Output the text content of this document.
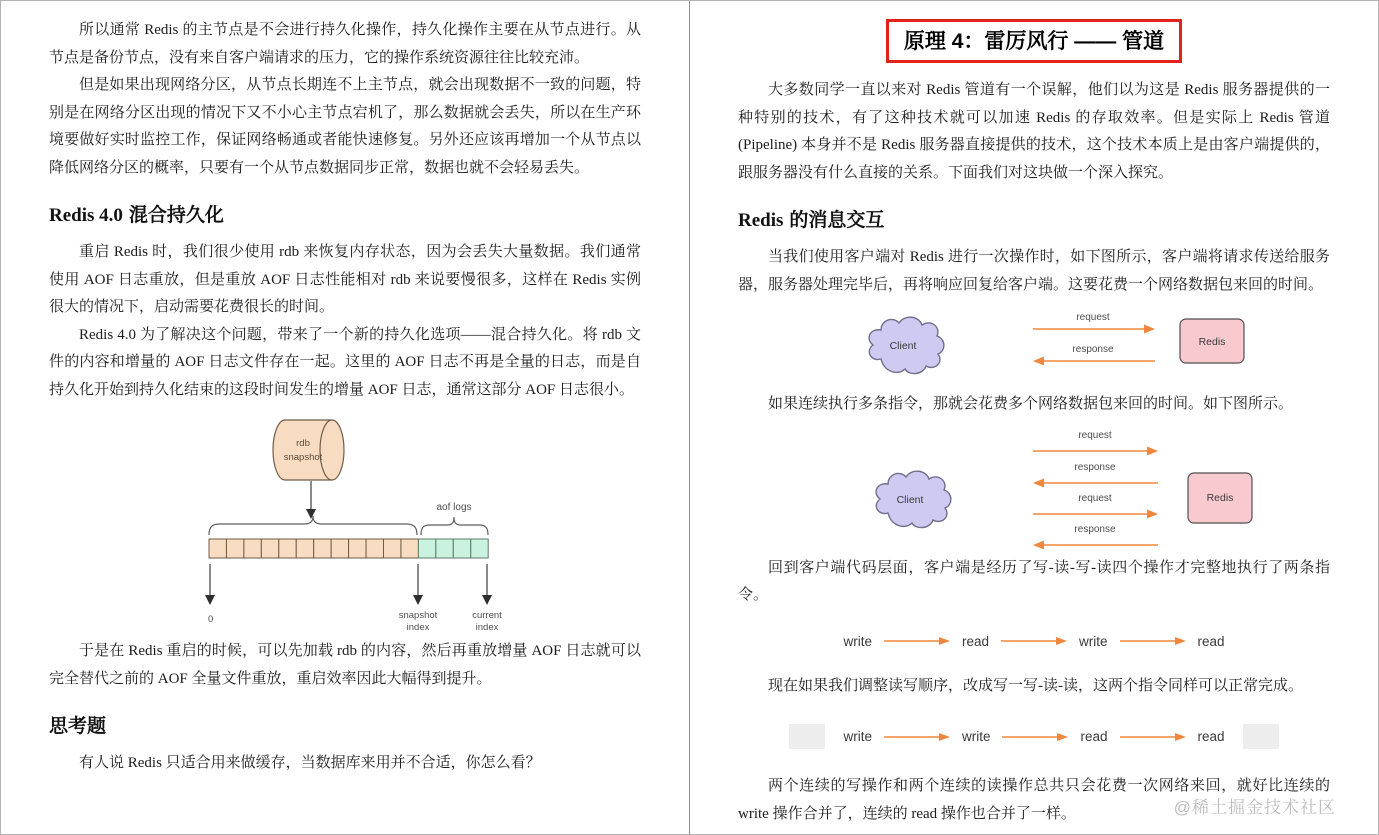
所以通常 Redis 的主节点是不会进行持久化操作，持久化操作主要在从节点进行。从节点是备份节点，没有来自客户端请求的压力，它的操作系统资源往往比较充沛。

但是如果出现网络分区，从节点长期连不上主节点，就会出现数据不一致的问题，特别是在网络分区出现的情况下又不小心主节点宕机了，那么数据就会丢失，所以在生产环境要做好实时监控工作，保证网络畅通或者能快速修复。另外还应该再增加一个从节点以降低网络分区的概率，只要有一个从节点数据同步正常，数据也就不会轻易丢失。

Redis 4.0 混合持久化

重启 Redis 时，我们很少使用 rdb 来恢复内存状态，因为会丢失大量数据。我们通常使用 AOF 日志重放，但是重放 AOF 日志性能相对 rdb 来说要慢很多，这样在 Redis 实例很大的情况下，启动需要花费很长的时间。

Redis 4.0 为了解决这个问题，带来了一个新的持久化选项——混合持久化。将 rdb 文件的内容和增量的 AOF 日志文件存在一起。这里的 AOF 日志不再是全量的日志，而是自持久化开始到持久化结束的这段时间发生的增量 AOF 日志，通常这部分 AOF 日志很小。

rdb
snapshot
aof logs
0	snapshot
index
current
index

于是在 Redis 重启的时候，可以先加载 rdb 的内容，然后再重放增量 AOF 日志就可以完全替代之前的 AOF 全量文件重放，重启效率因此大幅得到提升。

思考题

有人说 Redis 只适合用来做缓存，当数据库来用并不合适，你怎么看？

原理 4：雷厉风行 —— 管道

大多数同学一直以来对 Redis 管道有一个误解，他们以为这是 Redis 服务器提供的一种特别的技术，有了这种技术就可以加速 Redis 的存取效率。但是实际上 Redis 管道 (Pipeline) 本身并不是 Redis 服务器直接提供的技术，这个技术本质上是由客户端提供的，跟服务器没有什么直接的关系。下面我们对这块做一个深入探究。

Redis 的消息交互

当我们使用客户端对 Redis 进行一次操作时，如下图所示，客户端将请求传送给服务器，服务器处理完毕后，再将响应回复给客户端。这要花费一个网络数据包来回的时间。

Client
request
response
Redis

如果连续执行多条指令，那就会花费多个网络数据包来回的时间。如下图所示。

Client
request
response
request
response
Redis

回到客户端代码层面，客户端是经历了写-读-写-读四个操作才完整地执行了两条指令。

write	read	write	read

现在如果我们调整读写顺序，改成写一写-读-读，这两个指令同样可以正常完成。

write	write	read	read

两个连续的写操作和两个连续的读操作总共只会花费一次网络来回，就好比连续的 write 操作合并了，连续的 read 操作也合并了一样。	@稀土掘金技术社区
